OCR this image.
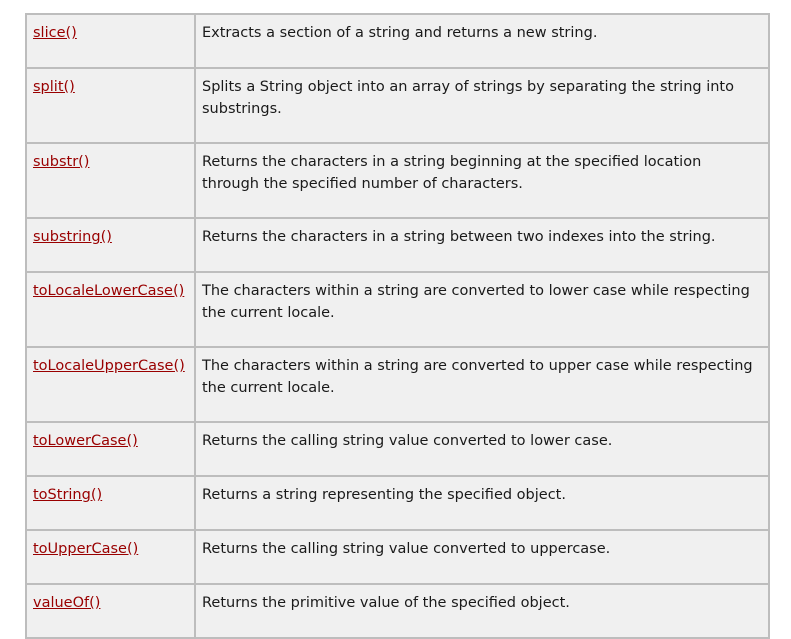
slice()	Extracts a section of a string and returns a new string.
split()	Splits a String object into an array of strings by separating the string into substrings.
substr()	Returns the characters in a string beginning at the specified location through the specified number of characters.
substring()	Returns the characters in a string between two indexes into the string.
toLocaleLowerCase()	The characters within a string are converted to lower case while respecting the current locale.
toLocaleUpperCase()	The characters within a string are converted to upper case while respecting the current locale.
toLowerCase()	Returns the calling string value converted to lower case.
toString()	Returns a string representing the specified object.
toUpperCase()	Returns the calling string value converted to uppercase.
valueOf()	Returns the primitive value of the specified object.
